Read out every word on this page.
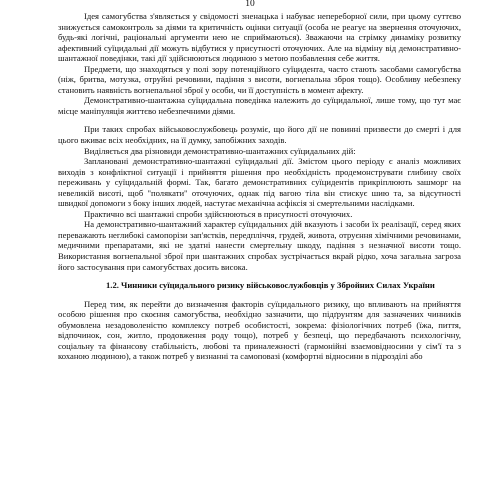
10

Ідея самогубства з'являється у свідомості зненацька і набуває непереборної сили, при цьому суттєво знижується самоконтроль за діями та критичність оцінки ситуації (особа не реагує на звернення оточуючих, будь-які логічні, раціональні аргументи нею не сприймаються). Зважаючи на стрімку динаміку розвитку афективний суїцидальні дії можуть відбутися у присутності оточуючих. Але на відміну від демонстративно-шантажної поведінки, такі дії здійснюються людиною з метою позбавлення себе життя.

Предмети, що знаходяться у полі зору потенційного суїцидента, часто стають засобами самогубства (ніж, бритва, мотузка, отруйні речовини, падіння з висоти, вогнепальна зброя тощо). Особливу небезпеку становить наявність вогнепальної зброї у особи, чи її доступність в момент афекту.

Демонстративно-шантажна суїцидальна поведінка належить до суїцидальної, лише тому, що тут має місце маніпуляція життєво небезпечними діями.

При таких спробах військовослужбовець розуміє, що його дії не повинні призвести до смерті і для цього вживає всіх необхідних, на її думку, запобіжних заходів.

Виділяється два різновиди демонстративно-шантажних суїцидальних дій:

Заплановані демонстративно-шантажні суїцидальні дії. Змістом цього періоду є аналіз можливих виходів з конфліктної ситуації і прийняття рішення про необхідність продемонструвати глибину своїх переживань у суїцидальній формі. Так, багато демонстративних суїцидентів прикріплюють зашморг на невеликій висоті, щоб "полякати" оточуючих, однак під вагою тіла він стискує шию та, за відсутності швидкої допомоги з боку інших людей, настутає механічна асфіксія зі смертельними наслідками.

Практично всі шантажні спроби здійснюються в присутності оточуючих.

На демонстративно-шантажний характер суїцидальних дій вказують і засоби їх реалізації, серед яких переважають неглибокі самопорізи зап'ястків, передпліччя, грудей, живота, отруєння хімічними речовинами, медичними препаратами, які не здатні нанести смертельну шкоду, падіння з незначної висоти тощо. Використання вогнепальної зброї при шантажних спробах зустрічається вкрай рідко, хоча загальна загроза його застосування при самогубствах досить висока.

1.2. Чинники суїцидального ризику військовослужбовців у Збройних Силах України

Перед тим, як перейти до визначення факторів суїцидального ризику, що впливають на прийняття особою рішення про скоєння самогубства, необхідно зазначити, що підґрунтям для зазначених чинників обумовлена незадоволеністю комплексу потреб особистості, зокрема: фізіологічних потреб (їжа, пиття, відпочинок, сон, житло, продовження роду тощо), потреб у безпеці, що передбачають психологічну, соціальну та фінансову стабільність, любові та приналежності (гармонійні взаємовідносини у сім'ї та з коханою людиною), а також потреб у визнанні та самоповазі (комфортні відносини в підрозділі або
